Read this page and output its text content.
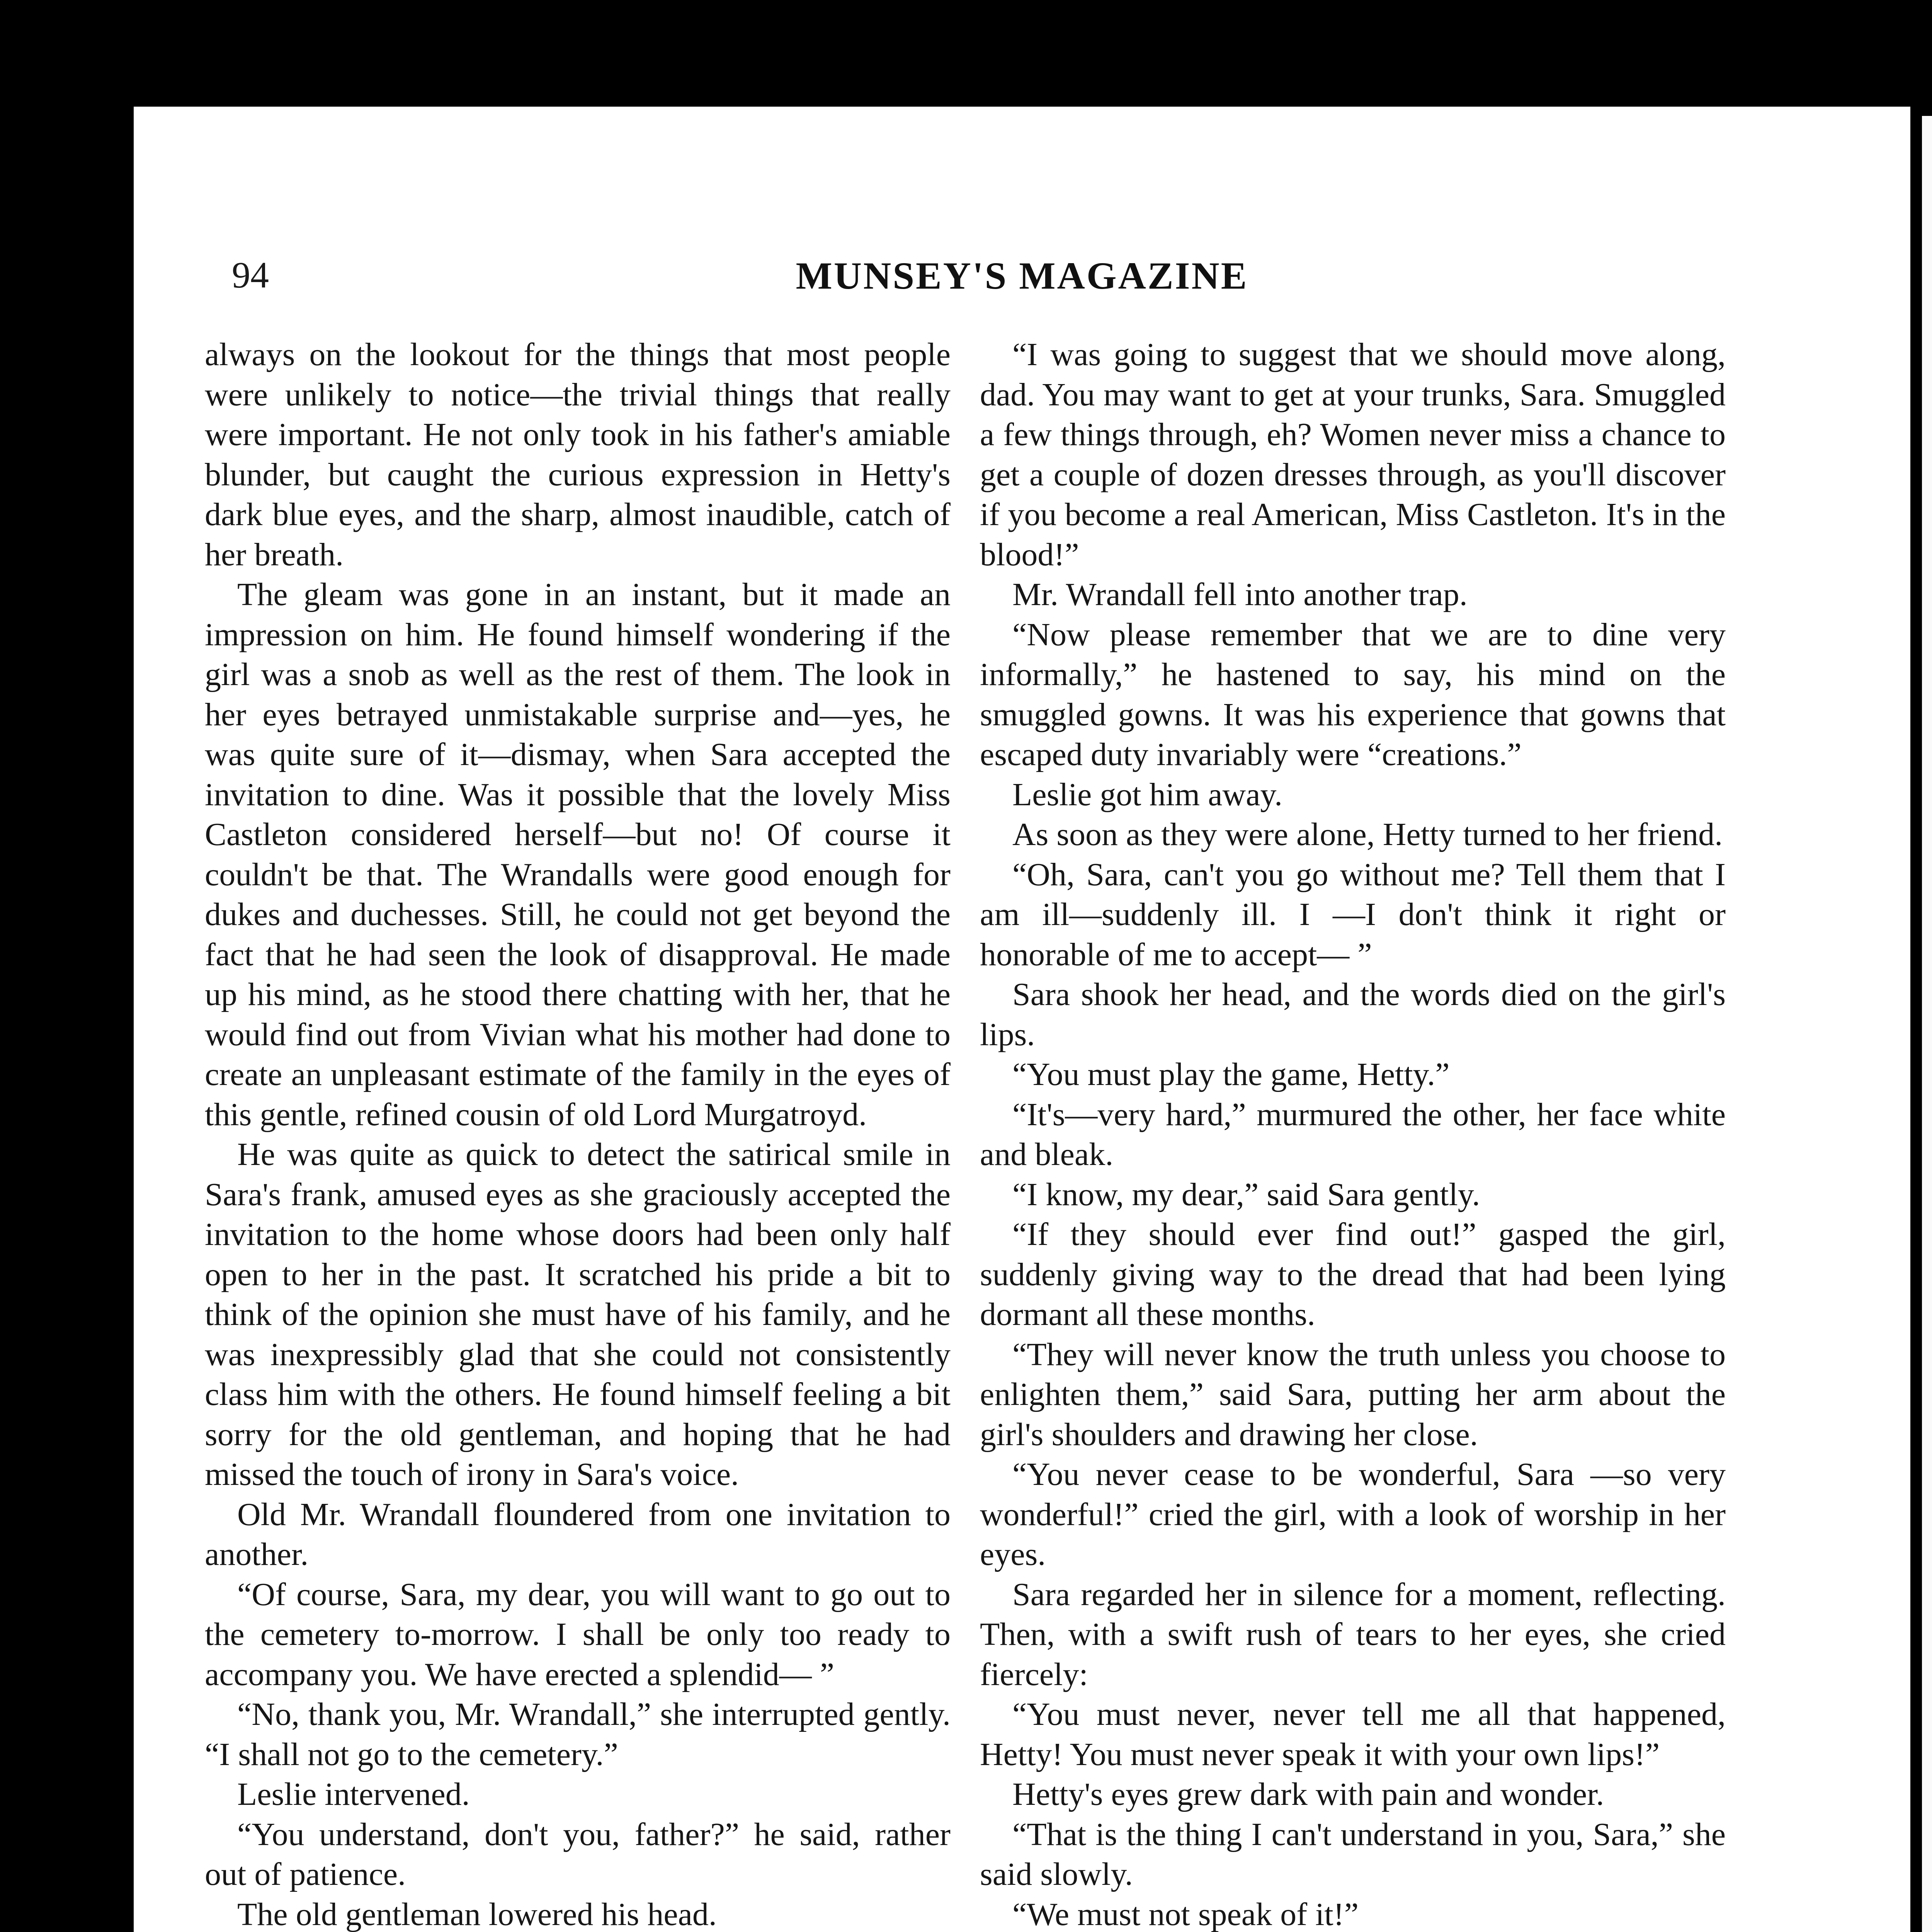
94	MUNSEY'S MAGAZINE

always on the lookout for the things that most people were unlikely to notice—the trivial things that really were important. He not only took in his father's amiable blunder, but caught the curious expression in Hetty's dark blue eyes, and the sharp, almost inaudible, catch of her breath.

The gleam was gone in an instant, but it made an impression on him. He found himself wondering if the girl was a snob as well as the rest of them. The look in her eyes betrayed unmistakable surprise and—yes, he was quite sure of it—dismay, when Sara accepted the invitation to dine. Was it possible that the lovely Miss Castleton considered herself—but no! Of course it couldn't be that. The Wrandalls were good enough for dukes and duchesses. Still, he could not get beyond the fact that he had seen the look of disapproval. He made up his mind, as he stood there chatting with her, that he would find out from Vivian what his mother had done to create an unpleasant estimate of the family in the eyes of this gentle, refined cousin of old Lord Murgatroyd.

He was quite as quick to detect the satirical smile in Sara's frank, amused eyes as she graciously accepted the invitation to the home whose doors had been only half open to her in the past. It scratched his pride a bit to think of the opinion she must have of his family, and he was inexpressibly glad that she could not consistently class him with the others. He found himself feeling a bit sorry for the old gentleman, and hoping that he had missed the touch of irony in Sara's voice.

Old Mr. Wrandall floundered from one invitation to another.

“Of course, Sara, my dear, you will want to go out to the cemetery to-morrow. I shall be only too ready to accompany you. We have erected a splendid— ”

“No, thank you, Mr. Wrandall,” she interrupted gently. “I shall not go to the cemetery.”

Leslie intervened.

“You understand, don't you, father?” he said, rather out of patience.

The old gentleman lowered his head.

“I was going to suggest that we should move along, dad. You may want to get at your trunks, Sara. Smuggled a few things through, eh? Women never miss a chance to get a couple of dozen dresses through, as you'll discover if you become a real American, Miss Castleton. It's in the blood!”

Mr. Wrandall fell into another trap.

“Now please remember that we are to dine very informally,” he hastened to say, his mind on the smuggled gowns. It was his experience that gowns that escaped duty invariably were “creations.”

Leslie got him away.

As soon as they were alone, Hetty turned to her friend.

“Oh, Sara, can't you go without me? Tell them that I am ill—suddenly ill. I —I don't think it right or honorable of me to accept— ”

Sara shook her head, and the words died on the girl's lips.

“You must play the game, Hetty.”

“It's—very hard,” murmured the other, her face white and bleak.

“I know, my dear,” said Sara gently.

“If they should ever find out!” gasped the girl, suddenly giving way to the dread that had been lying dormant all these months.

“They will never know the truth unless you choose to enlighten them,” said Sara, putting her arm about the girl's shoulders and drawing her close.

“You never cease to be wonderful, Sara —so very wonderful!” cried the girl, with a look of worship in her eyes.

Sara regarded her in silence for a moment, reflecting. Then, with a swift rush of tears to her eyes, she cried fiercely:

“You must never, never tell me all that happened, Hetty! You must never speak it with your own lips!”

Hetty's eyes grew dark with pain and wonder.

“That is the thing I can't understand in you, Sara,” she said slowly.

“We must not speak of it!”
